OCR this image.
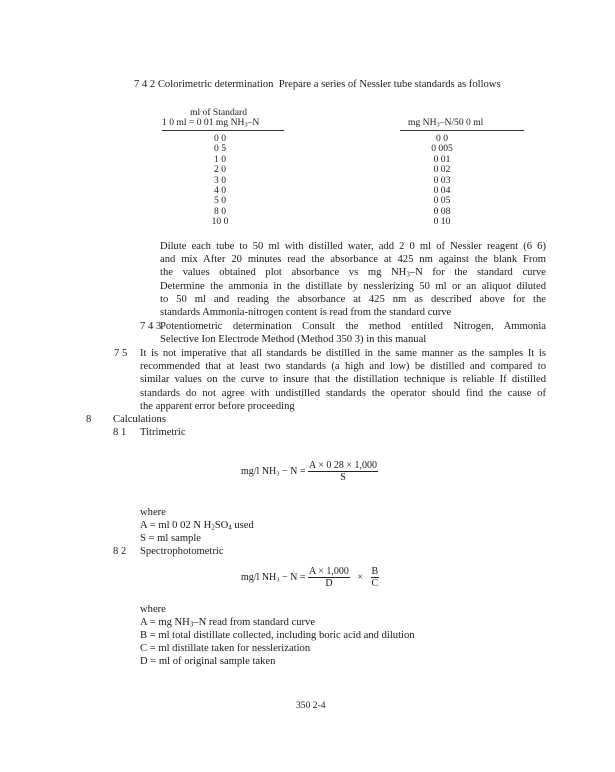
7 4 2 Colorimetric determination Prepare a series of Nessler tube standards as follows
ml of Standard
1 0 ml = 0 01 mg $NH_3-N$	mg $NH_3-N/50$ 0 ml
0 0
0 5
1 0
2 0
3 0
4 0
5 0
8 0
10 0
0 0
0 005
0 01
0 02
0 03
0 04
0 05
0 08
0 10
Dilute each tube to 50 ml with distilled water, add 2 0 ml of Nessler reagent (6 6)
and mix After 20 minutes read the absorbance at 425 nm against the blank From
the values obtained plot absorbance vs mg $NH_3-N$ for the standard curve
Determine the ammonia in the distillate by nesslerizing 50 ml or an aliquot diluted
to 50 ml and reading the absorbance at 425 nm as described above for the
standards Ammonia-nitrogen content is read from the standard curve
7 4 3
Potentiometric determination Consult the method entitled Nitrogen, Ammonia
Selective Ion Electrode Method (Method 350 3) in this manual
7 5 It is not imperative that all standards be distilled in the same manner as the samples It is
recommended that at least two standards (a high and low) be distilled and compared to
similar values on the curve to insure that the distillation technique is reliable If distilled
standards do not agree with undistilled standards the operator should find the cause of
the apparent error before proceeding
8 Calculations
8 1 Titrimetric
mg/l $NH_3 - N = \frac{A \times 0 28 \times 1,000}{S}$
where
A = ml 0 02 N $H_2SO_4$ used
S = ml sample
8 2 Spectrophotometric
mg/l $NH_3 - N = \frac{A \times 1,000}{D} \times \frac{B}{C}$
where
A = mg $NH_3-N$ read from standard curve
B = ml total distillate collected, including boric acid and dilution
C = ml distillate taken for nesslerization
D = ml of original sample taken
350 2-4
